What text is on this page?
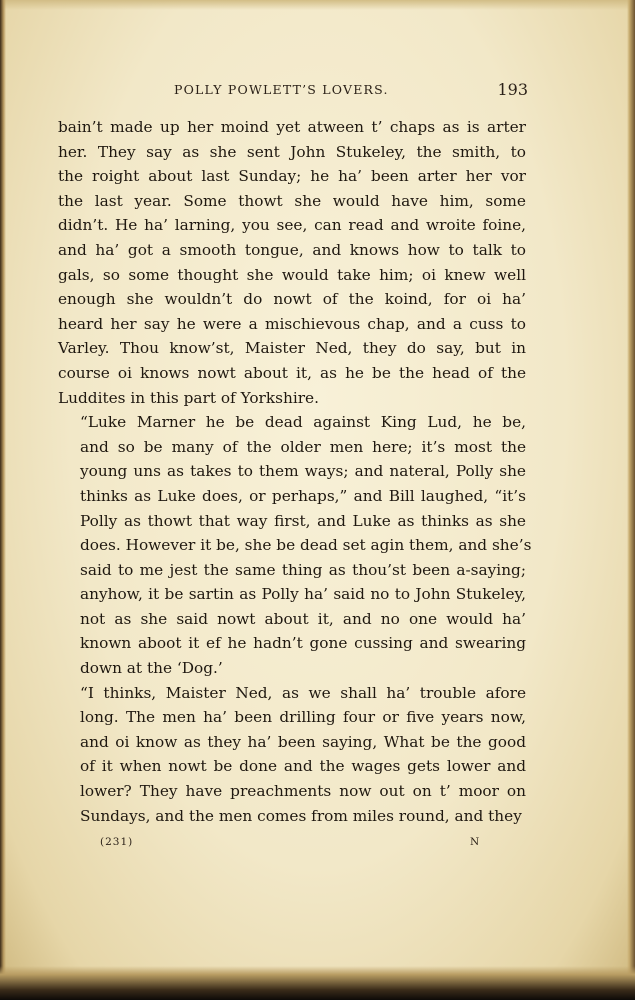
POLLY POWLETT’S LOVERS.	193
bain’t made up her moind yet atween t’ chaps as is arter
her. They say as she sent John Stukeley, the smith, to
the roight about last Sunday; he ha’ been arter her vor
the last year. Some thowt she would have him, some
didn’t. He ha’ larning, you see, can read and wroite foine,
and ha’ got a smooth tongue, and knows how to talk to
gals, so some thought she would take him; oi knew well
enough she wouldn’t do nowt of the koind, for oi ha’
heard her say he were a mischievous chap, and a cuss to
Varley. Thou know’st, Maister Ned, they do say, but in
course oi knows nowt about it, as he be the head of the
Luddites in this part of Yorkshire.
“Luke Marner he be dead against King Lud, he be,
and so be many of the older men here; it’s most the
young uns as takes to them ways; and nateral, Polly she
thinks as Luke does, or perhaps,” and Bill laughed, “it’s
Polly as thowt that way first, and Luke as thinks as she
does. However it be, she be dead set agin them, and she’s
said to me jest the same thing as thou’st been a-saying;
anyhow, it be sartin as Polly ha’ said no to John Stukeley,
not as she said nowt about it, and no one would ha’
known aboot it ef he hadn’t gone cussing and swearing
down at the ‘Dog.’
“I thinks, Maister Ned, as we shall ha’ trouble afore
long. The men ha’ been drilling four or five years now,
and oi know as they ha’ been saying, What be the good
of it when nowt be done and the wages gets lower and
lower? They have preachments now out on t’ moor on
Sundays, and the men comes from miles round, and they
(231)	N
